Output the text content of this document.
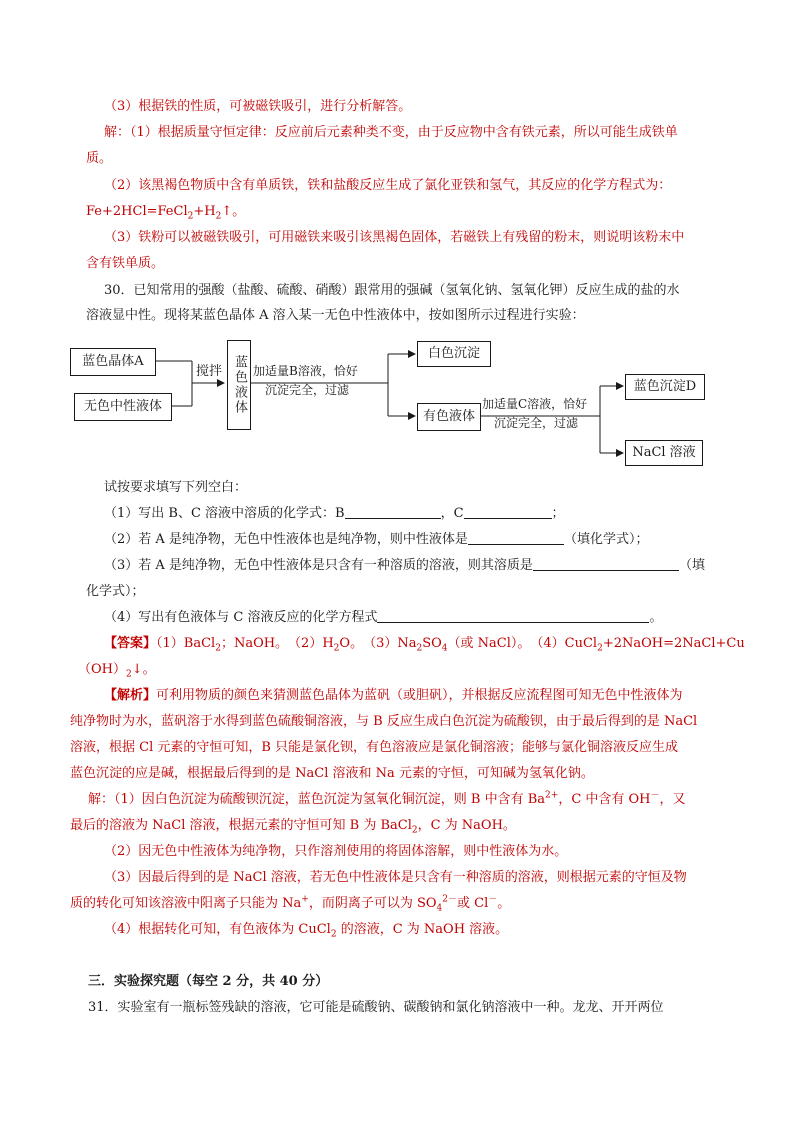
（3）根据铁的性质，可被磁铁吸引，进行分析解答。
解：（1）根据质量守恒定律：反应前后元素种类不变，由于反应物中含有铁元素，所以可能生成铁单
质。
（2）该黑褐色物质中含有单质铁，铁和盐酸反应生成了氯化亚铁和氢气，其反应的化学方程式为：
$Fe+2HCl=FeCl_2+H_2↑$。
（3）铁粉可以被磁铁吸引，可用磁铁来吸引该黑褐色固体，若磁铁上有残留的粉末，则说明该粉末中
含有铁单质。
30．已知常用的强酸（盐酸、硫酸、硝酸）跟常用的强碱（氢氧化钠、氢氧化钾）反应生成的盐的水
溶液显中性。现将某蓝色晶体 A 溶入某一无色中性液体中，按如图所示过程进行实验：
蓝色晶体A
无色中性液体
搅拌 蓝色液体 加适量B溶液，恰好
沉淀完全，过滤
白色沉淀
有色液体
加适量C溶液，恰好
沉淀完全，过滤
蓝色沉淀D
NaCl 溶液
试按要求填写下列空白：
（1）写出 B、C 溶液中溶质的化学式：B	，C	；
（2）若 A 是纯净物，无色中性液体也是纯净物，则中性液体是	（填化学式）；
（3）若 A 是纯净物，无色中性液体是只含有一种溶质的溶液，则其溶质是	（填
化学式）；
（4）写出有色液体与 C 溶液反应的化学方程式	。
【答案】（1）BaCl$_2$；NaOH。　$(2)H_2O$。　$(3)Na_2SO_4$（或 NaCl）。　（4）CuCl$_2$+2NaOH=2NaCl+Cu
$(OH)_2↓$。
【解析】可利用物质的颜色来猜测蓝色晶体为蓝矾（或胆矾），并根据反应流程图可知无色中性液体为
纯净物时为水，蓝矾溶于水得到蓝色硫酸铜溶液，与 B 反应生成白色沉淀为硫酸钡，由于最后得到的是 NaCl
溶液，根据 Cl 元素的守恒可知，B 只能是氯化钡，有色溶液应是氯化铜溶液；能够与氯化铜溶液反应生成
蓝色沉淀的应是碱，根据最后得到的是 NaCl 溶液和 Na 元素的守恒，可知碱为氢氧化钠。
解：（1）因白色沉淀为硫酸钡沉淀，蓝色沉淀为氢氧化铜沉淀，则 B 中含有 $Ba^{2+}$，C 中含有 OH－，又
最后的溶液为 NaCl 溶液，根据元素的守恒可知 B 为 BaCl$_2$，C 为 NaOH。
（2）因无色中性液体为纯净物，只作溶剂使用的将固体溶解，则中性液体为水。
（3）因最后得到的是 NaCl 溶液，若无色中性液体是只含有一种溶质的溶液，则根据元素的守恒及物
质的转化可知该溶液中阳离子只能为 Na+，而阴离子可以为 $SO_4^{2-}$或 Cl－。
（4）根据转化可知，有色液体为 CuCl$_2$ 的溶液，C 为 NaOH 溶液。
三．实验探究题（每空 2 分，共 40 分）
31．实验室有一瓶标签残缺的溶液，它可能是硫酸钠、碳酸钠和氯化钠溶液中一种。龙龙、开开两位
